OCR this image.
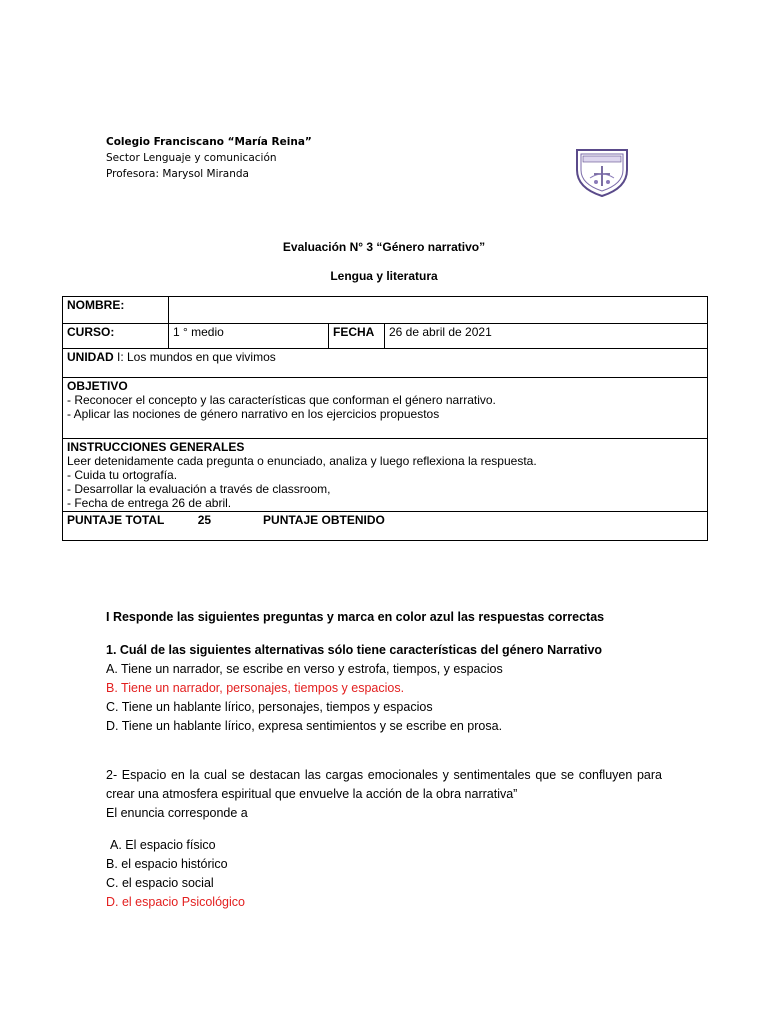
Colegio Franciscano “María Reina”
Sector Lenguaje y comunicación
Profesora: Marysol Miranda
Evaluación N° 3 “Género narrativo”
Lengua y literatura
NOMBRE:			
CURSO:	1 ° medio	FECHA	26 de abril de 2021
UNIDAD I: Los mundos en que vivimos			

OBJETIVO
- Reconocer el concepto y las características que conforman el género narrativo.
- Aplicar las nociones de género narrativo en los ejercicios propuestos			

INSTRUCCIONES GENERALES
Leer detenidamente cada pregunta o enunciado, analiza y luego reflexiona la respuesta.
- Cuida tu ortografía.
- Desarrollar la evaluación a través de classroom,
- Fecha de entrega 26 de abril.			

PUNTAJE TOTAL 25 PUNTAJE OBTENIDO			
I Responde las siguientes preguntas y marca en color azul las respuestas correctas
1. Cuál de las siguientes alternativas sólo tiene características del género Narrativo
A. Tiene un narrador, se escribe en verso y estrofa, tiempos, y espacios
B. Tiene un narrador, personajes, tiempos y espacios.
C. Tiene un hablante lírico, personajes, tiempos y espacios
D. Tiene un hablante lírico, expresa sentimientos y se escribe en prosa.
2- Espacio en la cual se destacan las cargas emocionales y sentimentales que se confluyen para crear una atmosfera espiritual que envuelve la acción de la obra narrativa”
El enuncia corresponde a
A. El espacio físico
B. el espacio histórico
C. el espacio social
D. el espacio Psicológico
